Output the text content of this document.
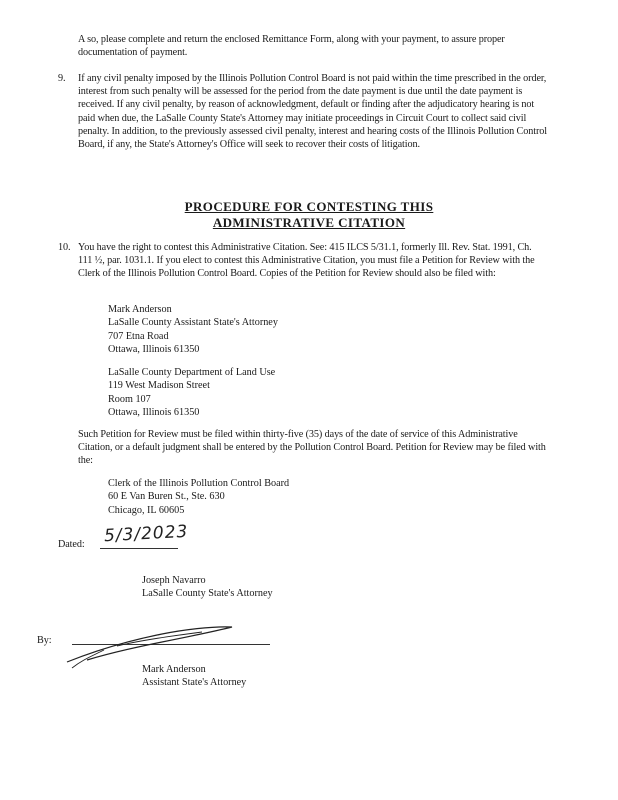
A so, please complete and return the enclosed Remittance Form, along with your payment, to assure proper documentation of payment.
9. If any civil penalty imposed by the Illinois Pollution Control Board is not paid within the time prescribed in the order, interest from such penalty will be assessed for the period from the date payment is due until the date payment is received. If any civil penalty, by reason of acknowledgment, default or finding after the adjudicatory hearing is not paid when due, the LaSalle County State's Attorney may initiate proceedings in Circuit Court to collect said civil penalty. In addition, to the previously assessed civil penalty, interest and hearing costs of the Illinois Pollution Control Board, if any, the State's Attorney's Office will seek to recover their costs of litigation.
PROCEDURE FOR CONTESTING THIS
ADMINISTRATIVE CITATION
10. You have the right to contest this Administrative Citation. See: 415 ILCS 5/31.1, formerly Ill. Rev. Stat. 1991, Ch. 111 ½, par. 1031.1. If you elect to contest this Administrative Citation, you must file a Petition for Review with the Clerk of the Illinois Pollution Control Board. Copies of the Petition for Review should also be filed with:
Mark Anderson
LaSalle County Assistant State's Attorney
707 Etna Road
Ottawa, Illinois 61350
LaSalle County Department of Land Use
119 West Madison Street
Room 107
Ottawa, Illinois 61350
Such Petition for Review must be filed within thirty-five (35) days of the date of service of this Administrative Citation, or a default judgment shall be entered by the Pollution Control Board. Petition for Review may be filed with the:
Clerk of the Illinois Pollution Control Board
60 E Van Buren St., Ste. 630
Chicago, IL 60605
Dated: 5/3/2023
Joseph Navarro
LaSalle County State's Attorney
By:
Mark Anderson
Assistant State's Attorney
